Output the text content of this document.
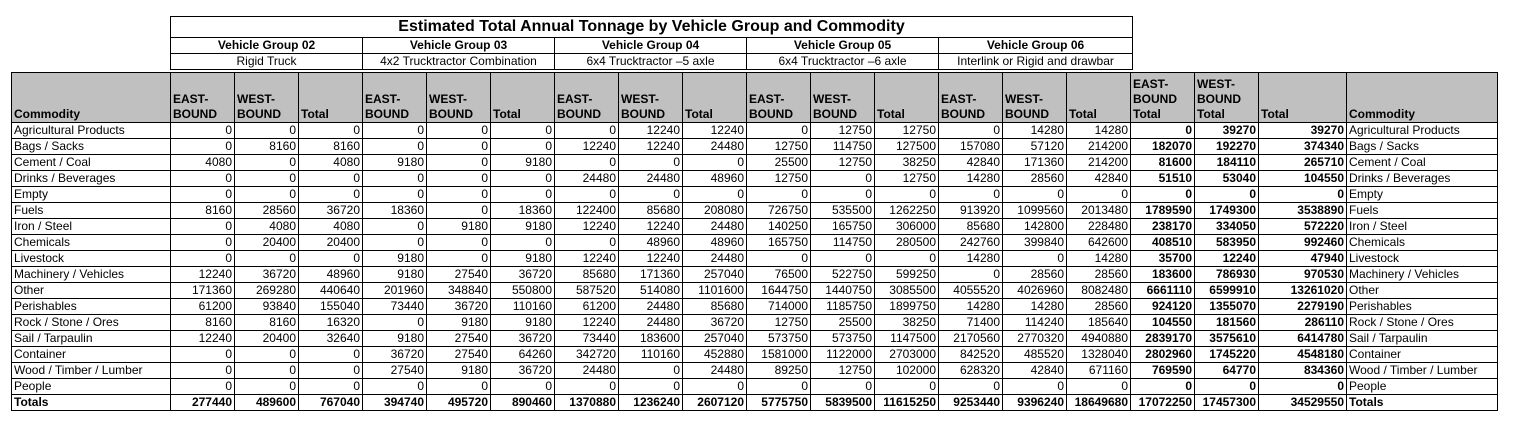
Estimated Total Annual Tonnage by Vehicle Group and Commodity				
Vehicle Group 02	Vehicle Group 03	Vehicle Group 04	Vehicle Group 05	Vehicle Group 06
Rigid Truck	4x2 Trucktractor Combination	6x4 Trucktractor –5 axle	6x4 Trucktractor –6 axle	Interlink or Rigid and drawbar
Commodity	EAST-BOUND	WEST-BOUND	Total	EAST-BOUND	WEST-BOUND	Total	EAST-BOUND	WEST-BOUND	Total	EAST-BOUND	WEST-BOUND	Total	EAST-BOUND	WEST-BOUND	Total	EAST-BOUND Total	WEST-BOUND Total	Total	Commodity
Agricultural Products	0	0	0	0	0	0	0	12240	12240	0	12750	12750	0	14280	14280	0	39270	39270	Agricultural Products
Bags / Sacks	0	8160	8160	0	0	0	12240	12240	24480	12750	114750	127500	157080	57120	214200	182070	192270	374340	Bags / Sacks
Cement / Coal	4080	0	4080	9180	0	9180	0	0	0	25500	12750	38250	42840	171360	214200	81600	184110	265710	Cement / Coal
Drinks / Beverages	0	0	0	0	0	0	24480	24480	48960	12750	0	12750	14280	28560	42840	51510	53040	104550	Drinks / Beverages
Empty	0	0	0	0	0	0	0	0	0	0	0	0	0	0	0	0	0	0	Empty
Fuels	8160	28560	36720	18360	0	18360	122400	85680	208080	726750	535500	1262250	913920	1099560	2013480	1789590	1749300	3538890	Fuels
Iron / Steel	0	4080	4080	0	9180	9180	12240	12240	24480	140250	165750	306000	85680	142800	228480	238170	334050	572220	Iron / Steel
Chemicals	0	20400	20400	0	0	0	0	48960	48960	165750	114750	280500	242760	399840	642600	408510	583950	992460	Chemicals
Livestock	0	0	0	9180	0	9180	12240	12240	24480	0	0	0	14280	0	14280	35700	12240	47940	Livestock
Machinery / Vehicles	12240	36720	48960	9180	27540	36720	85680	171360	257040	76500	522750	599250	0	28560	28560	183600	786930	970530	Machinery / Vehicles
Other	171360	269280	440640	201960	348840	550800	587520	514080	1101600	1644750	1440750	3085500	4055520	4026960	8082480	6661110	6599910	13261020	Other
Perishables	61200	93840	155040	73440	36720	110160	61200	24480	85680	714000	1185750	1899750	14280	14280	28560	924120	1355070	2279190	Perishables
Rock / Stone / Ores	8160	8160	16320	0	9180	9180	12240	24480	36720	12750	25500	38250	71400	114240	185640	104550	181560	286110	Rock / Stone / Ores
Sail / Tarpaulin	12240	20400	32640	9180	27540	36720	73440	183600	257040	573750	573750	1147500	2170560	2770320	4940880	2839170	3575610	6414780	Sail / Tarpaulin
Container	0	0	0	36720	27540	64260	342720	110160	452880	1581000	1122000	2703000	842520	485520	1328040	2802960	1745220	4548180	Container
Wood / Timber / Lumber	0	0	0	27540	9180	36720	24480	0	24480	89250	12750	102000	628320	42840	671160	769590	64770	834360	Wood / Timber / Lumber
People	0	0	0	0	0	0	0	0	0	0	0	0	0	0	0	0	0	0	People
Totals	277440	489600	767040	394740	495720	890460	1370880	1236240	2607120	5775750	5839500	11615250	9253440	9396240	18649680	17072250	17457300	34529550	Totals
